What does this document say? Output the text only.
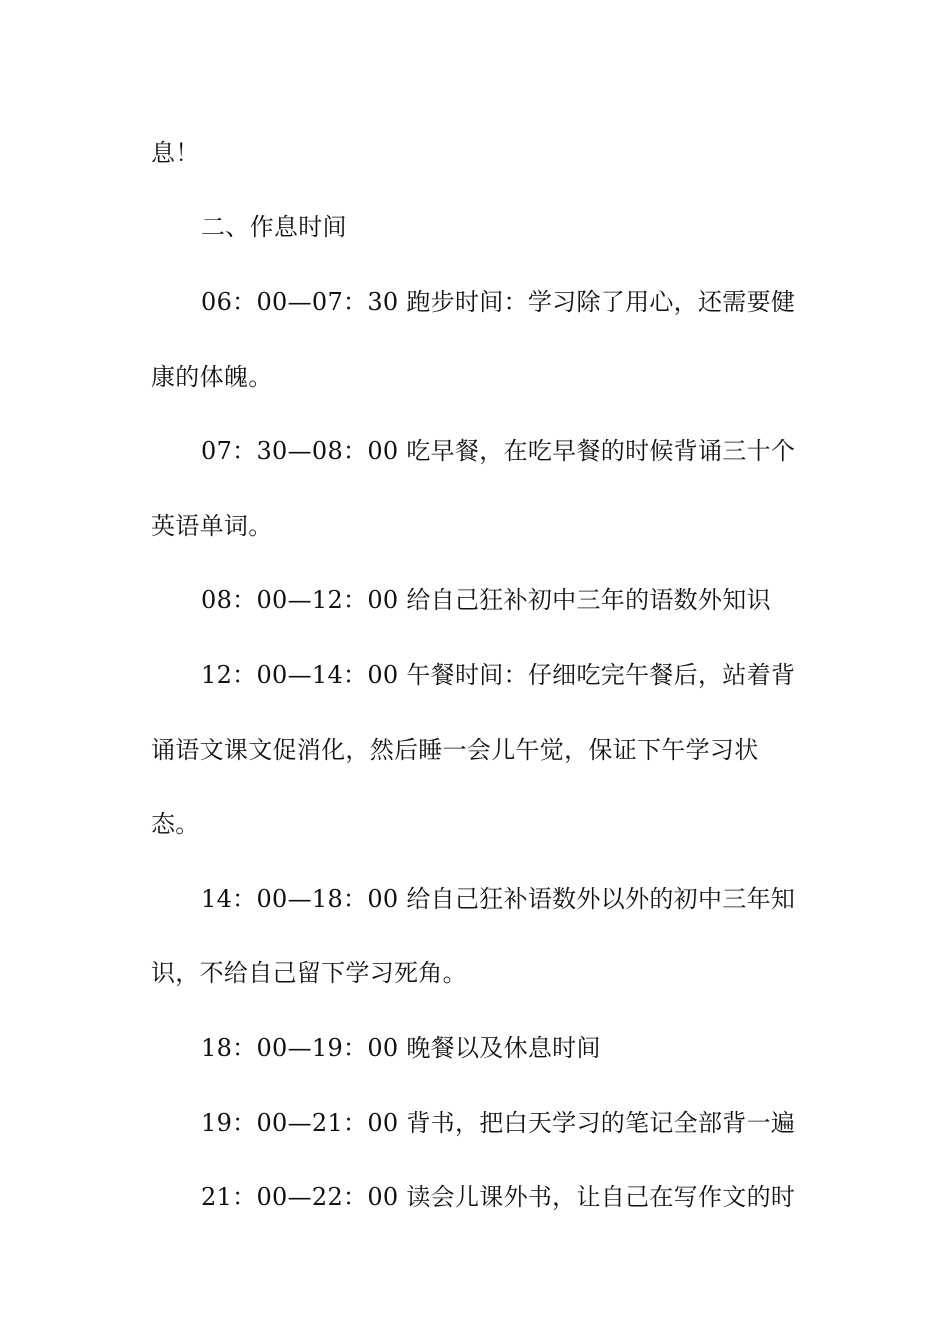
息！
二、作息时间
06：00—07：30 跑步时间：学习除了用心，还需要健
康的体魄。
07：30—08：00 吃早餐，在吃早餐的时候背诵三十个
英语单词。
08：00—12：00 给自己狂补初中三年的语数外知识
12：00—14：00 午餐时间：仔细吃完午餐后，站着背
诵语文课文促消化，然后睡一会儿午觉，保证下午学习状
态。
14：00—18：00 给自己狂补语数外以外的初中三年知
识，不给自己留下学习死角。
18：00—19：00 晚餐以及休息时间
19：00—21：00 背书，把白天学习的笔记全部背一遍
21：00—22：00 读会儿课外书，让自己在写作文的时
